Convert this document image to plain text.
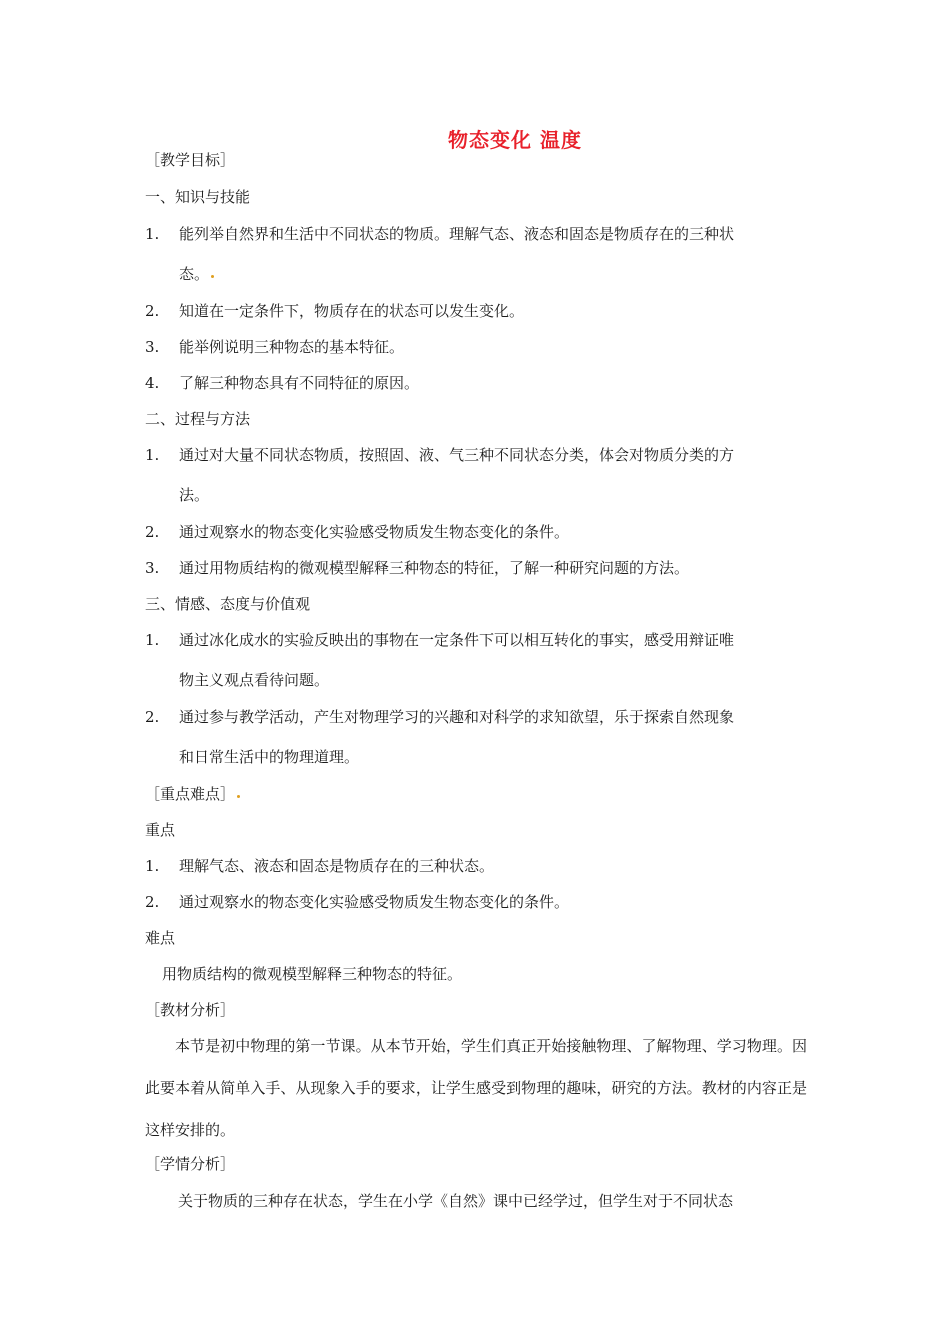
物态变化 温度
［教学目标］
一、知识与技能
1. 能列举自然界和生活中不同状态的物质。理解气态、液态和固态是物质存在的三种状
态。
2. 知道在一定条件下，物质存在的状态可以发生变化。
3. 能举例说明三种物态的基本特征。
4. 了解三种物态具有不同特征的原因。
二、过程与方法
1. 通过对大量不同状态物质，按照固、液、气三种不同状态分类，体会对物质分类的方
法。
2. 通过观察水的物态变化实验感受物质发生物态变化的条件。
3. 通过用物质结构的微观模型解释三种物态的特征，了解一种研究问题的方法。
三、情感、态度与价值观
1. 通过冰化成水的实验反映出的事物在一定条件下可以相互转化的事实，感受用辩证唯
物主义观点看待问题。
2. 通过参与教学活动，产生对物理学习的兴趣和对科学的求知欲望，乐于探索自然现象
和日常生活中的物理道理。
［重点难点］
重点
1. 理解气态、液态和固态是物质存在的三种状态。
2. 通过观察水的物态变化实验感受物质发生物态变化的条件。
难点
用物质结构的微观模型解释三种物态的特征。
［教材分析］
本节是初中物理的第一节课。从本节开始，学生们真正开始接触物理、了解物理、学习物理。因此要本着从简单入手、从现象入手的要求，让学生感受到物理的趣味，研究的方法。教材的内容正是这样安排的。
［学情分析］
关于物质的三种存在状态，学生在小学《自然》课中已经学过，但学生对于不同状态
